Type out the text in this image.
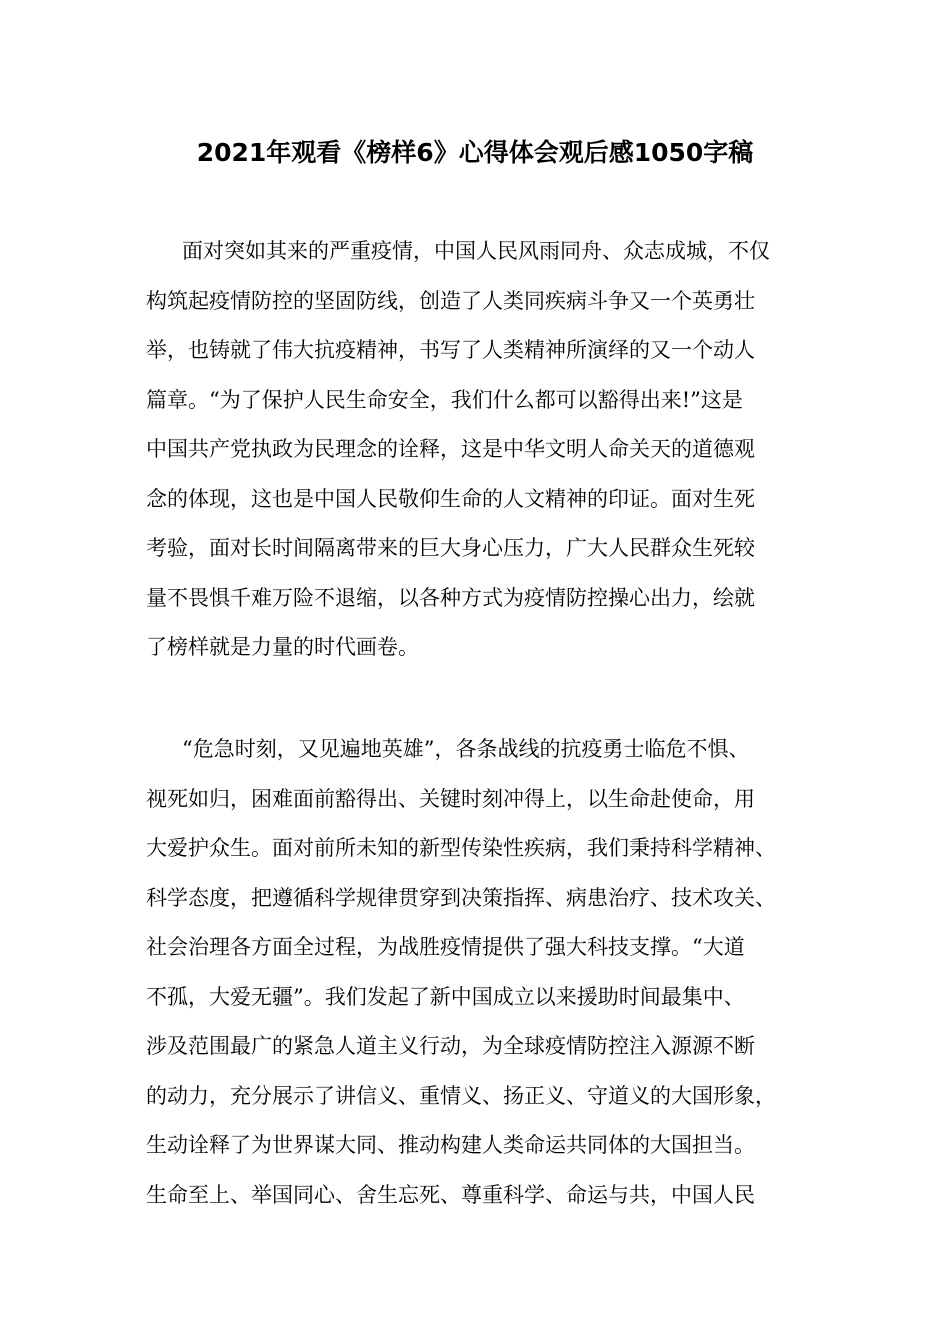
2021年观看《榜样6》心得体会观后感1050字稿
面对突如其来的严重疫情，中国人民风雨同舟、众志成城，不仅
构筑起疫情防控的坚固防线，创造了人类同疾病斗争又一个英勇壮
举，也铸就了伟大抗疫精神，书写了人类精神所演绎的又一个动人
篇章。“为了保护人民生命安全，我们什么都可以豁得出来!”这是
中国共产党执政为民理念的诠释，这是中华文明人命关天的道德观
念的体现，这也是中国人民敬仰生命的人文精神的印证。面对生死
考验，面对长时间隔离带来的巨大身心压力，广大人民群众生死较
量不畏惧千难万险不退缩，以各种方式为疫情防控操心出力，绘就
了榜样就是力量的时代画卷。
“危急时刻，又见遍地英雄”，各条战线的抗疫勇士临危不惧、
视死如归，困难面前豁得出、关键时刻冲得上，以生命赴使命，用
大爱护众生。面对前所未知的新型传染性疾病，我们秉持科学精神、
科学态度，把遵循科学规律贯穿到决策指挥、病患治疗、技术攻关、
社会治理各方面全过程，为战胜疫情提供了强大科技支撑。“大道
不孤，大爱无疆”。我们发起了新中国成立以来援助时间最集中、
涉及范围最广的紧急人道主义行动，为全球疫情防控注入源源不断
的动力，充分展示了讲信义、重情义、扬正义、守道义的大国形象，
生动诠释了为世界谋大同、推动构建人类命运共同体的大国担当。
生命至上、举国同心、舍生忘死、尊重科学、命运与共，中国人民
